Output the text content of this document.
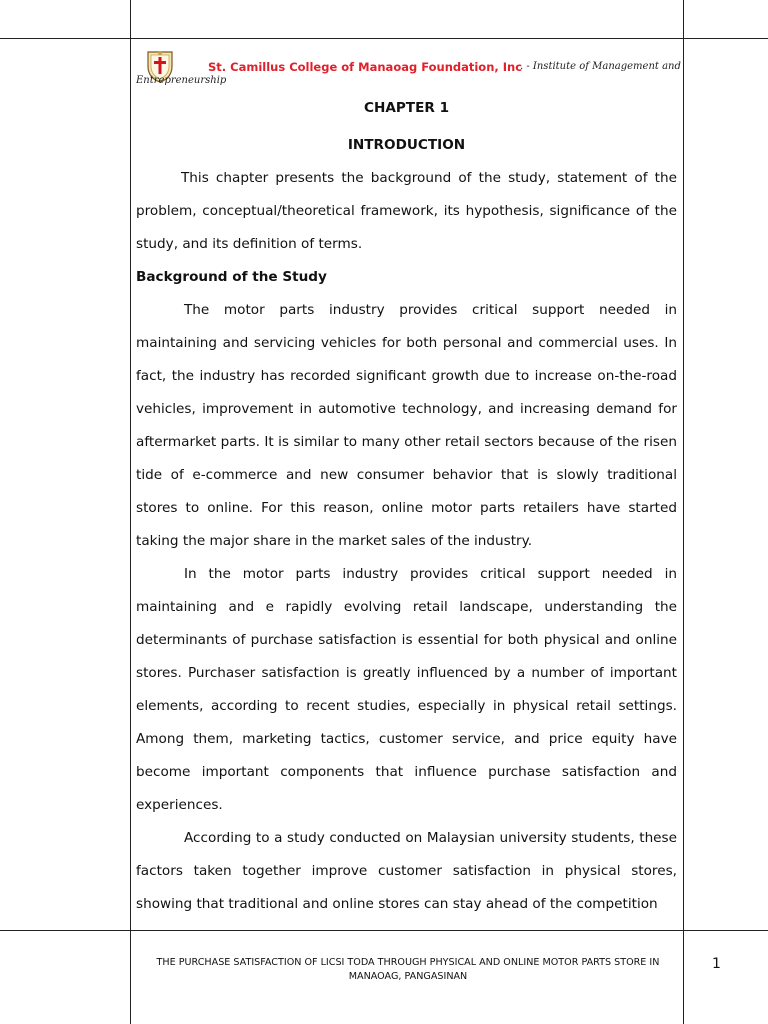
St. Camillus College of Manaoag Foundation, Inc
. - Institute of Management and
Entrepreneurship

CHAPTER 1

INTRODUCTION

This chapter presents the background of the study, statement of the problem, conceptual/theoretical framework, its hypothesis, significance of the study, and its definition of terms.

Background of the Study

The motor parts industry provides critical support needed in maintaining and servicing vehicles for both personal and commercial uses. In fact, the industry has recorded significant growth due to increase on-the-road vehicles, improvement in automotive technology, and increasing demand for aftermarket parts. It is similar to many other retail sectors because of the risen tide of e-commerce and new consumer behavior that is slowly traditional stores to online. For this reason, online motor parts retailers have started taking the major share in the market sales of the industry.

In the motor parts industry provides critical support needed in maintaining and e rapidly evolving retail landscape, understanding the determinants of purchase satisfaction is essential for both physical and online stores. Purchaser satisfaction is greatly influenced by a number of important elements, according to recent studies, especially in physical retail settings. Among them, marketing tactics, customer service, and price equity have become important components that influence purchase satisfaction and experiences.

According to a study conducted on Malaysian university students, these factors taken together improve customer satisfaction in physical stores, showing that traditional and online stores can stay ahead of the competition

THE PURCHASE SATISFACTION OF LICSI TODA THROUGH PHYSICAL AND ONLINE MOTOR PARTS STORE IN MANAOAG, PANGASINAN
1
